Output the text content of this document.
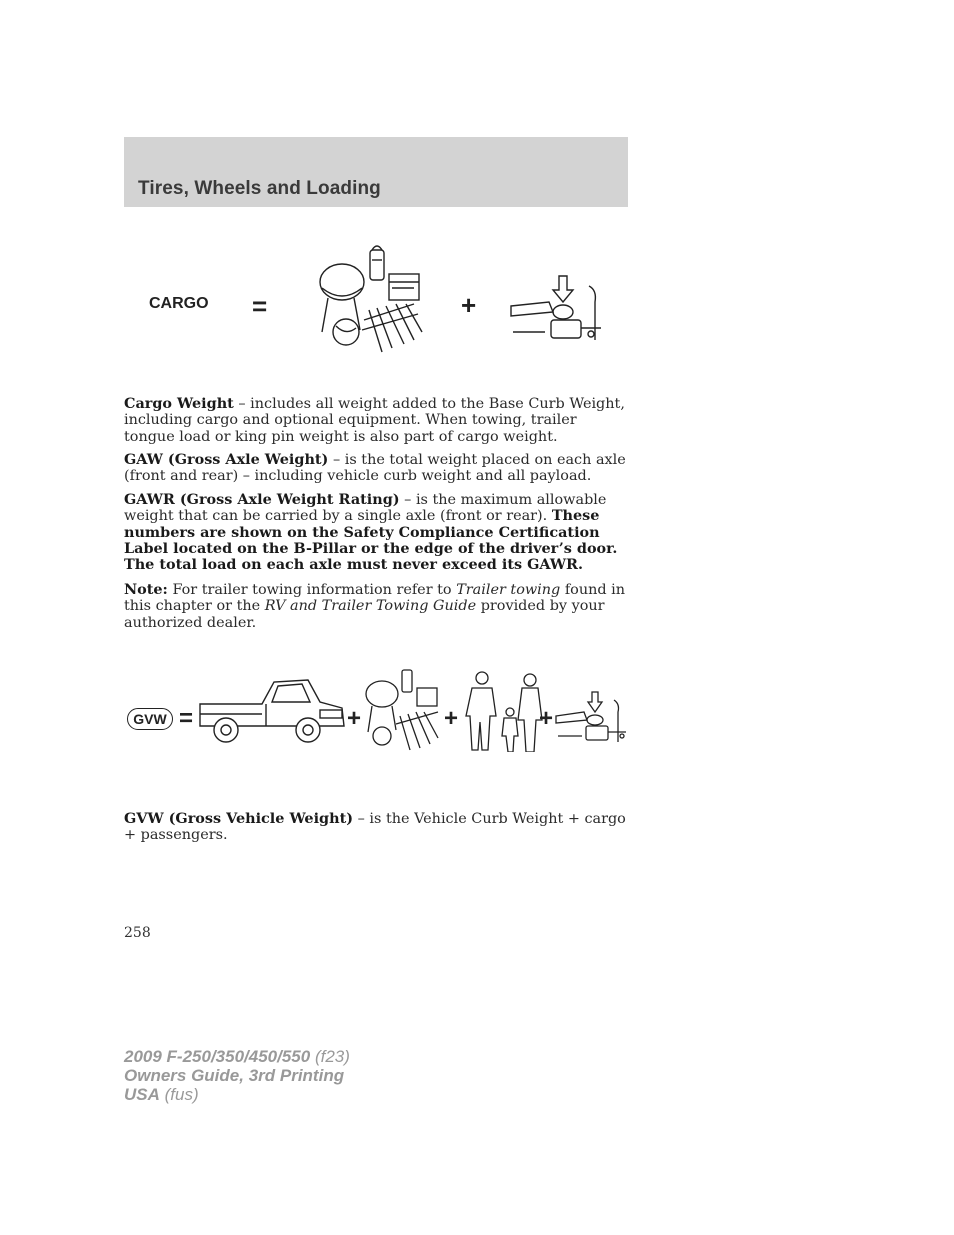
Tires, Wheels and Loading
CARGO =	+
Cargo Weight – includes all weight added to the Base Curb Weight, including cargo and optional equipment. When towing, trailer tongue load or king pin weight is also part of cargo weight.
GAW (Gross Axle Weight) – is the total weight placed on each axle (front and rear) – including vehicle curb weight and all payload.
GAWR (Gross Axle Weight Rating) – is the maximum allowable weight that can be carried by a single axle (front or rear). These numbers are shown on the Safety Compliance Certification Label located on the B-Pillar or the edge of the driver’s door. The total load on each axle must never exceed its GAWR.
Note: For trailer towing information refer to Trailer towing found in this chapter or the RV and Trailer Towing Guide provided by your authorized dealer.
GVW =	+	+	+
GVW (Gross Vehicle Weight) – is the Vehicle Curb Weight + cargo + passengers.
258
2009 F-250/350/450/550 (f23)
Owners Guide, 3rd Printing
USA (fus)
